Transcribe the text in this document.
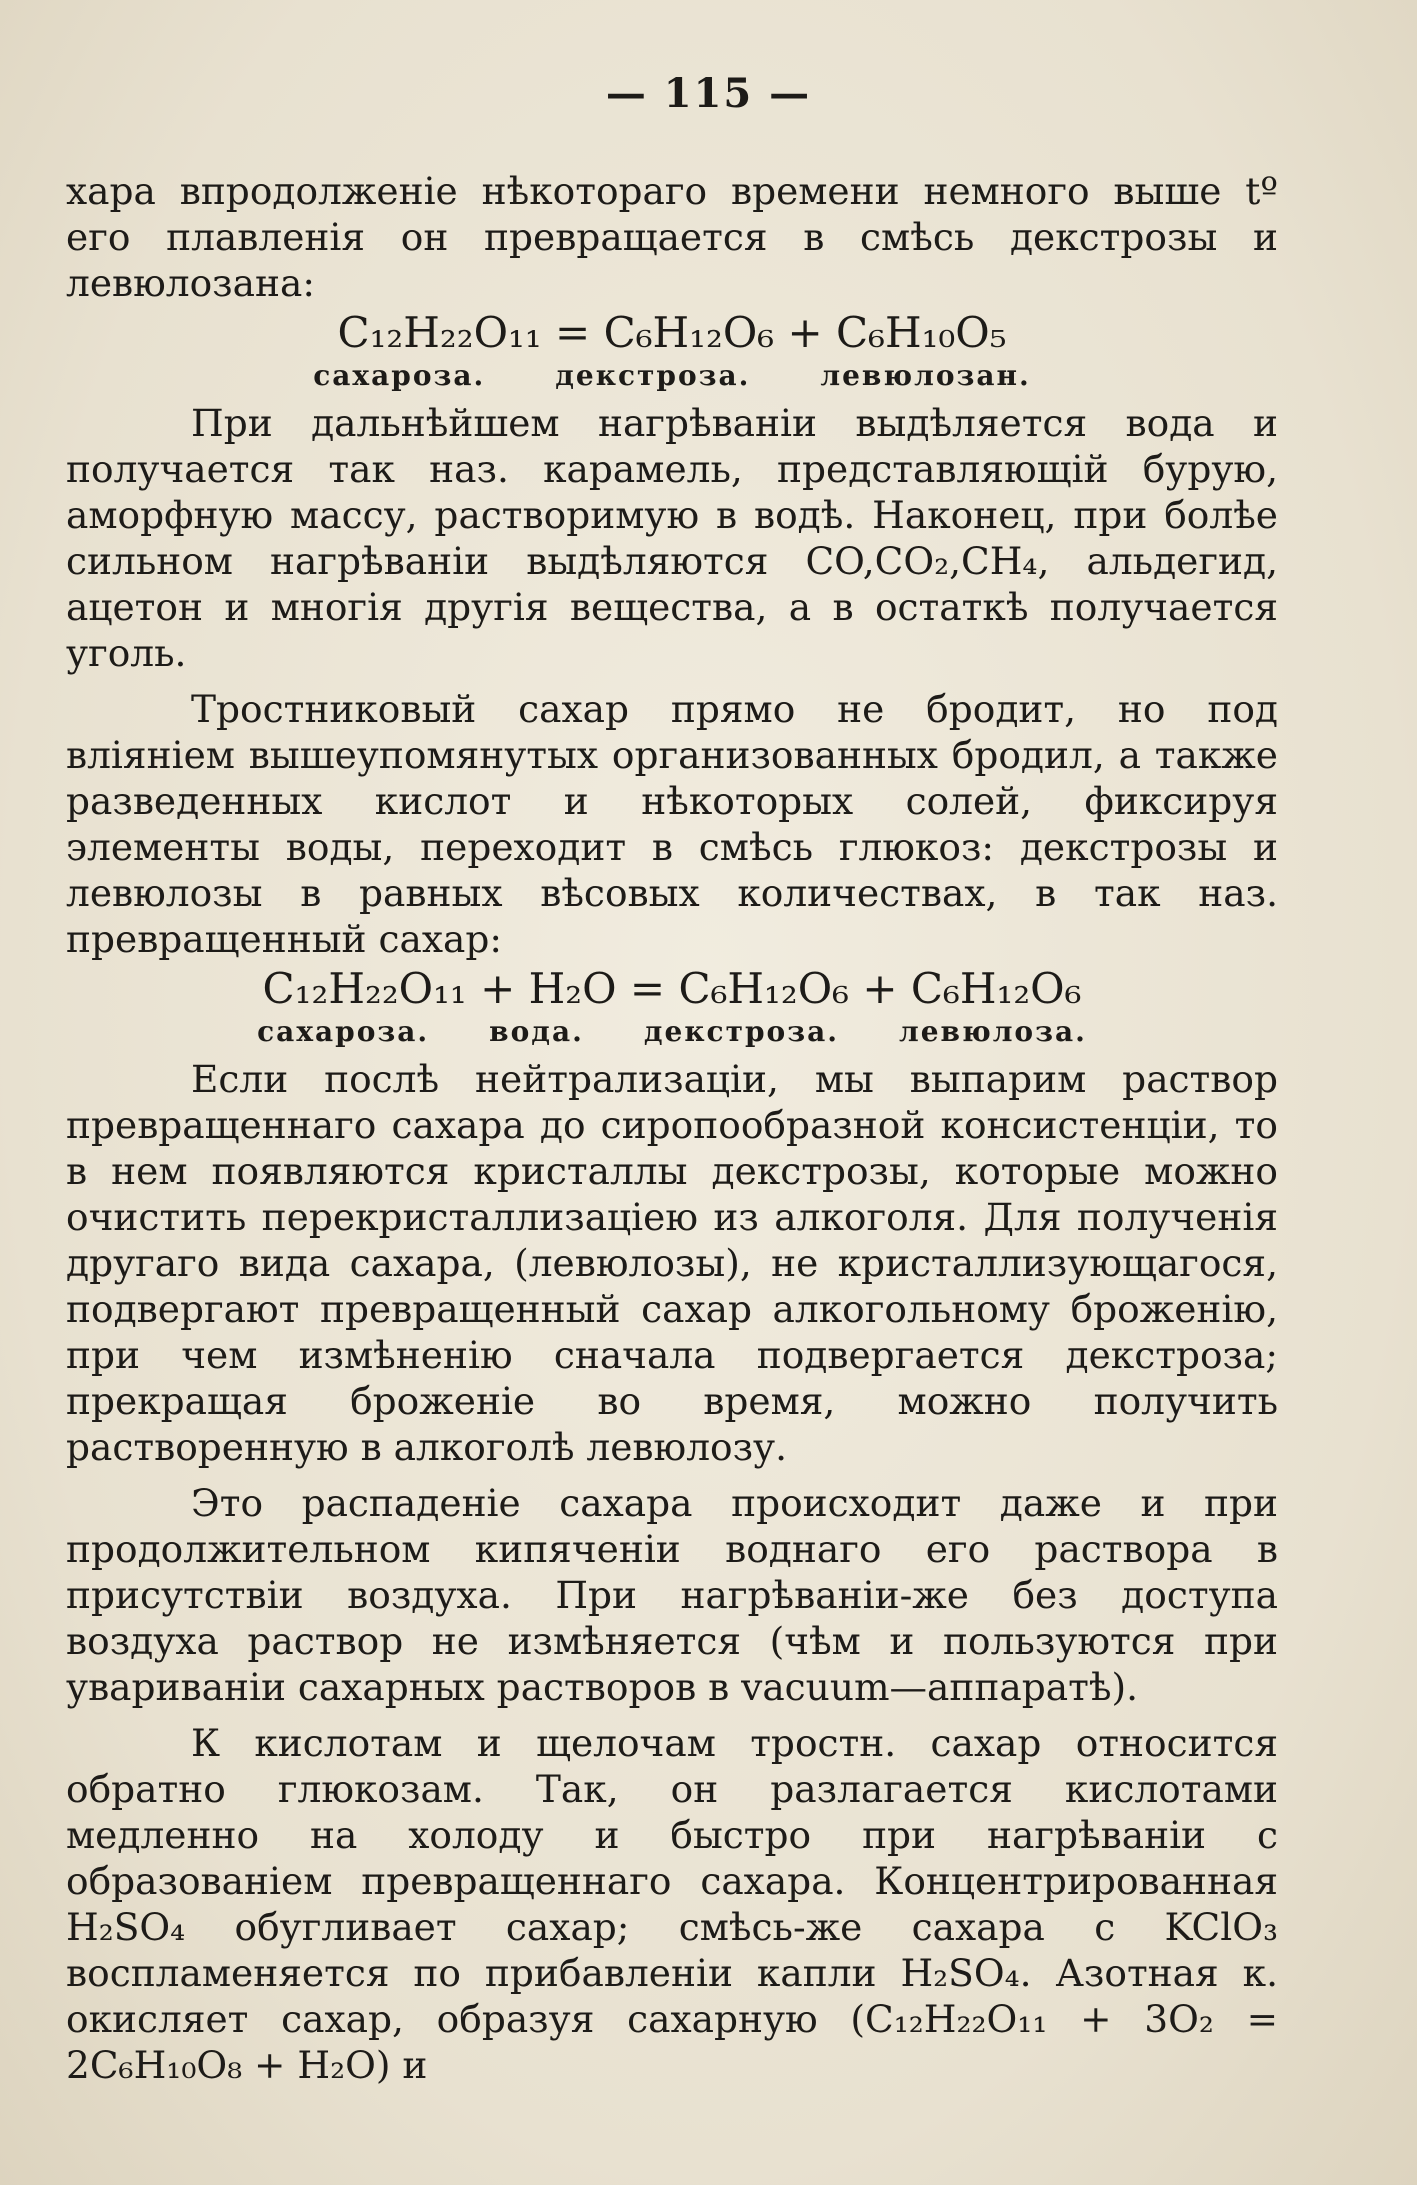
— 115 —

хара впродолженіе нѣкотораго времени немного выше tº его плавленія он превращается в смѣсь декстрозы и левюлозана:

C₁₂H₂₂O₁₁ = C₆H₁₂O₆ + C₆H₁₀O₅
сахароза.	декстроза.	левюлозан.

При дальнѣйшем нагрѣваніи выдѣляется вода и получается так наз. карамель, представляющій бурую, аморфную массу, растворимую в водѣ. Наконец, при болѣе сильном нагрѣваніи выдѣляются CO,CO₂,CH₄, альдегид, ацетон и многія другія вещества, а в остаткѣ получается уголь.

Тростниковый сахар прямо не бродит, но под вліяніем вышеупомянутых организованных бродил, а также разведенных кислот и нѣкоторых солей, фиксируя элементы воды, переходит в смѣсь глюкоз: декстрозы и левюлозы в равных вѣсовых количествах, в так наз. превращенный сахар:

C₁₂H₂₂O₁₁ + H₂O = C₆H₁₂O₆ + C₆H₁₂O₆
сахароза. вода. декстроза. левюлоза.

Если послѣ нейтрализаціи, мы выпарим раствор превращеннаго сахара до сиропообразной консистенціи, то в нем появляются кристаллы декстрозы, которые можно очистить перекристаллизаціею из алкоголя. Для полученія другаго вида сахара, (левюлозы), не кристаллизующагося, подвергают превращенный сахар алкогольному броженію, при чем измѣненію сначала подвергается декстроза; прекращая броженіе во время, можно получить растворенную в алкоголѣ левюлозу.

Это распаденіе сахара происходит даже и при продолжительном кипяченіи воднаго его раствора в присутствіи воздуха. При нагрѣваніи-же без доступа воздуха раствор не измѣняется (чѣм и пользуются при увариваніи сахарных растворов в vacuum—аппаратѣ).

К кислотам и щелочам тростн. сахар относится обратно глюкозам. Так, он разлагается кислотами медленно на холоду и быстро при нагрѣваніи с образованіем превращеннаго сахара. Концентрированная H₂SO₄ обугливает сахар; смѣсь-же сахара с KClO₃ воспламеняется по прибавленіи капли H₂SO₄. Азотная к. окисляет сахар, образуя сахарную (C₁₂H₂₂O₁₁ + 3O₂ = 2C₆H₁₀O₈ + H₂O) и
